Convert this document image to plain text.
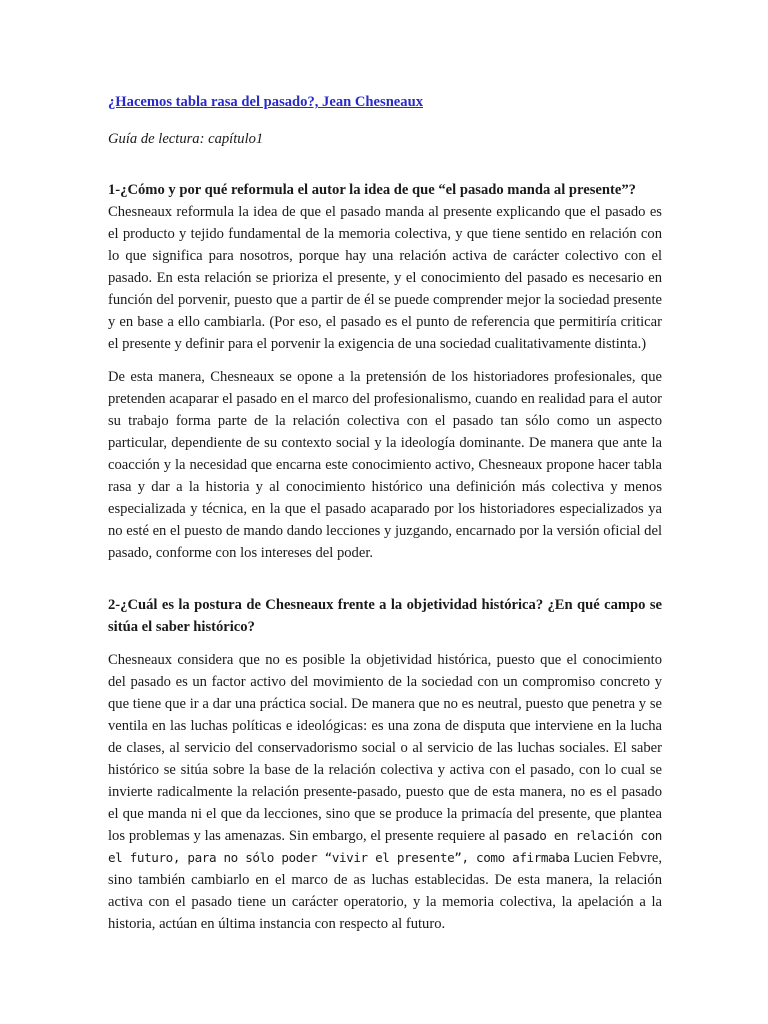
¿Hacemos tabla rasa del pasado?, Jean Chesneaux
Guía de lectura: capítulo1
1-¿Cómo y por qué reformula el autor la idea de que “el pasado manda al presente”?

Chesneaux reformula la idea de que el pasado manda al presente explicando que el pasado es el producto y tejido fundamental de la memoria colectiva, y que tiene sentido en relación con lo que significa para nosotros, porque hay una relación activa de carácter colectivo con el pasado. En esta relación se prioriza el presente, y el conocimiento del pasado es necesario en función del porvenir, puesto que a partir de él se puede comprender mejor la sociedad presente y en base a ello cambiarla. (Por eso, el pasado es el punto de referencia que permitiría criticar el presente y definir para el porvenir la exigencia de una sociedad cualitativamente distinta.)

De esta manera, Chesneaux se opone a la pretensión de los historiadores profesionales, que pretenden acaparar el pasado en el marco del profesionalismo, cuando en realidad para el autor su trabajo forma parte de la relación colectiva con el pasado tan sólo como un aspecto particular, dependiente de su contexto social y la ideología dominante. De manera que ante la coacción y la necesidad que encarna este conocimiento activo, Chesneaux propone hacer tabla rasa y dar a la historia y al conocimiento histórico una definición más colectiva y menos especializada y técnica, en la que el pasado acaparado por los historiadores especializados ya no esté en el puesto de mando dando lecciones y juzgando, encarnado por la versión oficial del pasado, conforme con los intereses del poder.

2-¿Cuál es la postura de Chesneaux frente a la objetividad histórica? ¿En qué campo se sitúa el saber histórico?

Chesneaux considera que no es posible la objetividad histórica, puesto que el conocimiento del pasado es un factor activo del movimiento de la sociedad con un compromiso concreto y que tiene que ir a dar una práctica social. De manera que no es neutral, puesto que penetra y se ventila en las luchas políticas e ideológicas: es una zona de disputa que interviene en la lucha de clases, al servicio del conservadorismo social o al servicio de las luchas sociales. El saber histórico se sitúa sobre la base de la relación colectiva y activa con el pasado, con lo cual se invierte radicalmente la relación presente-pasado, puesto que de esta manera, no es el pasado el que manda ni el que da lecciones, sino que se produce la primacía del presente, que plantea los problemas y las amenazas. Sin embargo, el presente requiere al pasado en relación con el futuro, para no sólo poder “vivir el presente”, como afirmaba Lucien Febvre, sino también cambiarlo en el marco de as luchas establecidas. De esta manera, la relación activa con el pasado tiene un carácter operatorio, y la memoria colectiva, la apelación a la historia, actúan en última instancia con respecto al futuro.
